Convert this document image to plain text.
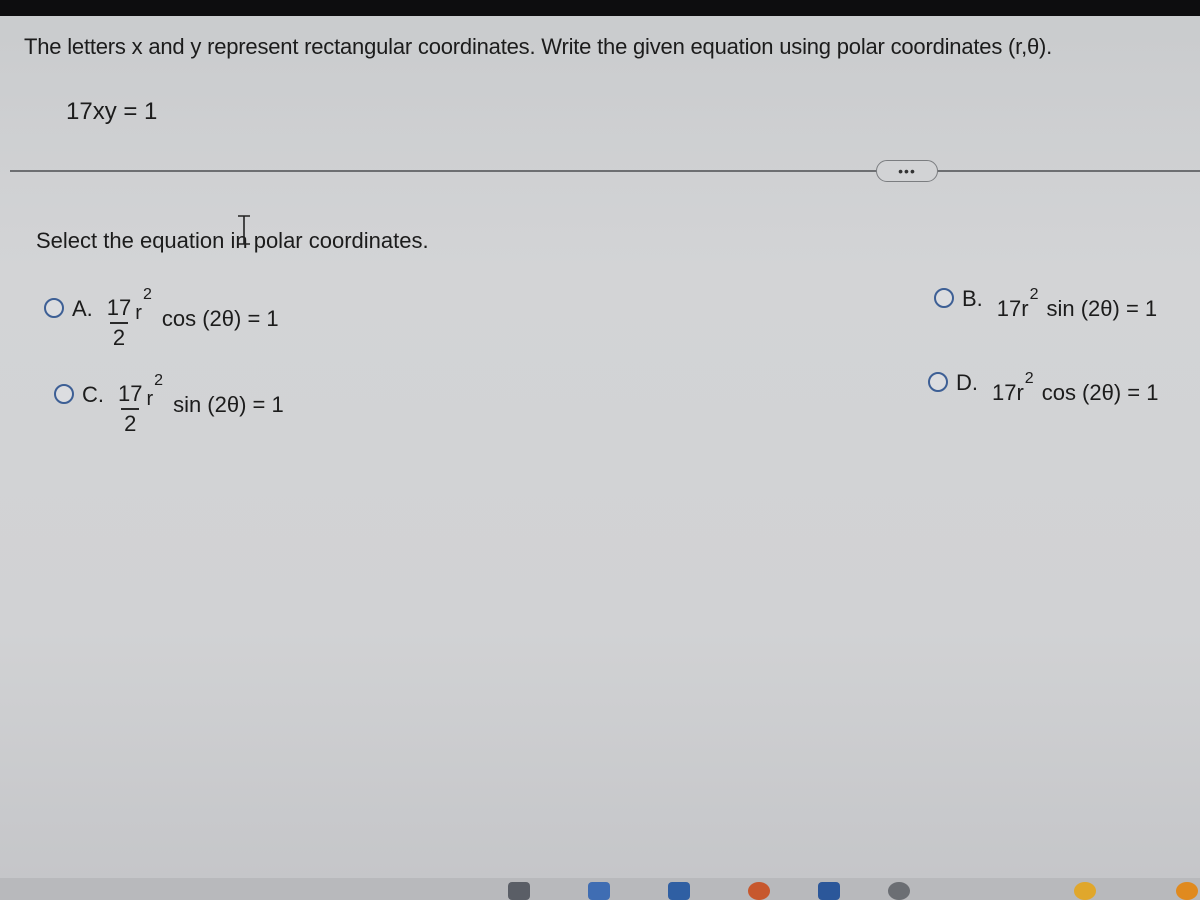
The letters x and y represent rectangular coordinates. Write the given equation using polar coordinates (r,θ).
17xy = 1
•••
Select the equation in polar coordinates.
A. $\frac{17}{2}$ r
2
cos (2θ) = 1
C. $\frac{17}{2}$ r
2
sin (2θ) = 1
B. 17r
2
sin (2θ) = 1
D. 17r
2
cos (2θ) = 1
